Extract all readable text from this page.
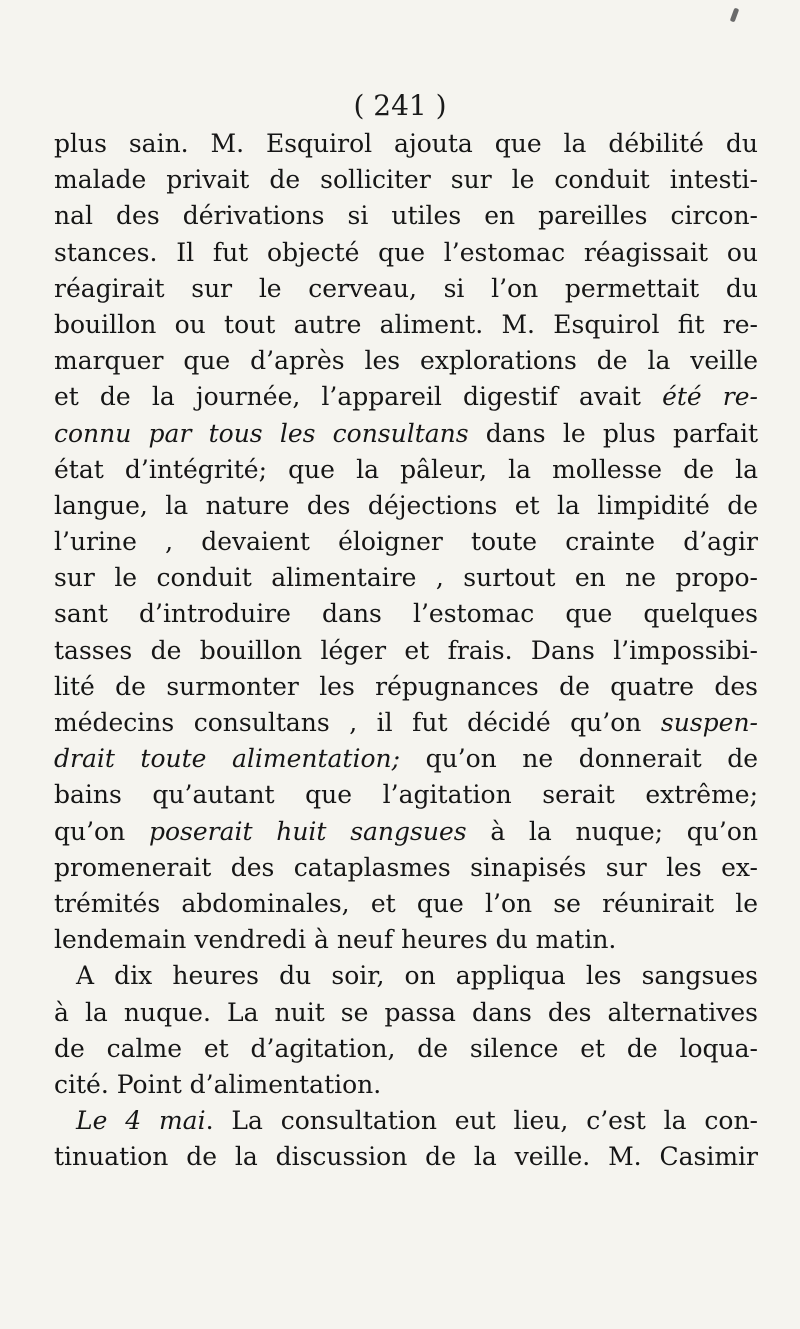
( 241 )
plus sain. M. Esquirol ajouta que la débilité du
malade privait de solliciter sur le conduit intesti-
nal des dérivations si utiles en pareilles circon-
stances. Il fut objecté que l’estomac réagissait ou
réagirait sur le cerveau, si l’on permettait du
bouillon ou tout autre aliment. M. Esquirol fit re-
marquer que d’après les explorations de la veille
et de la journée, l’appareil digestif avait été re-
connu par tous les consultans dans le plus parfait
état d’intégrité; que la pâleur, la mollesse de la
langue, la nature des déjections et la limpidité de
l’urine , devaient éloigner toute crainte d’agir
sur le conduit alimentaire , surtout en ne propo-
sant d’introduire dans l’estomac que quelques
tasses de bouillon léger et frais. Dans l’impossibi-
lité de surmonter les répugnances de quatre des
médecins consultans , il fut décidé qu’on suspen-
drait toute alimentation; qu’on ne donnerait de
bains qu’autant que l’agitation serait extrême;
qu’on poserait huit sangsues à la nuque; qu’on
promenerait des cataplasmes sinapisés sur les ex-
trémités abdominales, et que l’on se réunirait le
lendemain vendredi à neuf heures du matin.
A dix heures du soir, on appliqua les sangsues
à la nuque. La nuit se passa dans des alternatives
de calme et d’agitation, de silence et de loqua-
cité. Point d’alimentation.
Le 4 mai. La consultation eut lieu, c’est la con-
tinuation de la discussion de la veille. M. Casimir
